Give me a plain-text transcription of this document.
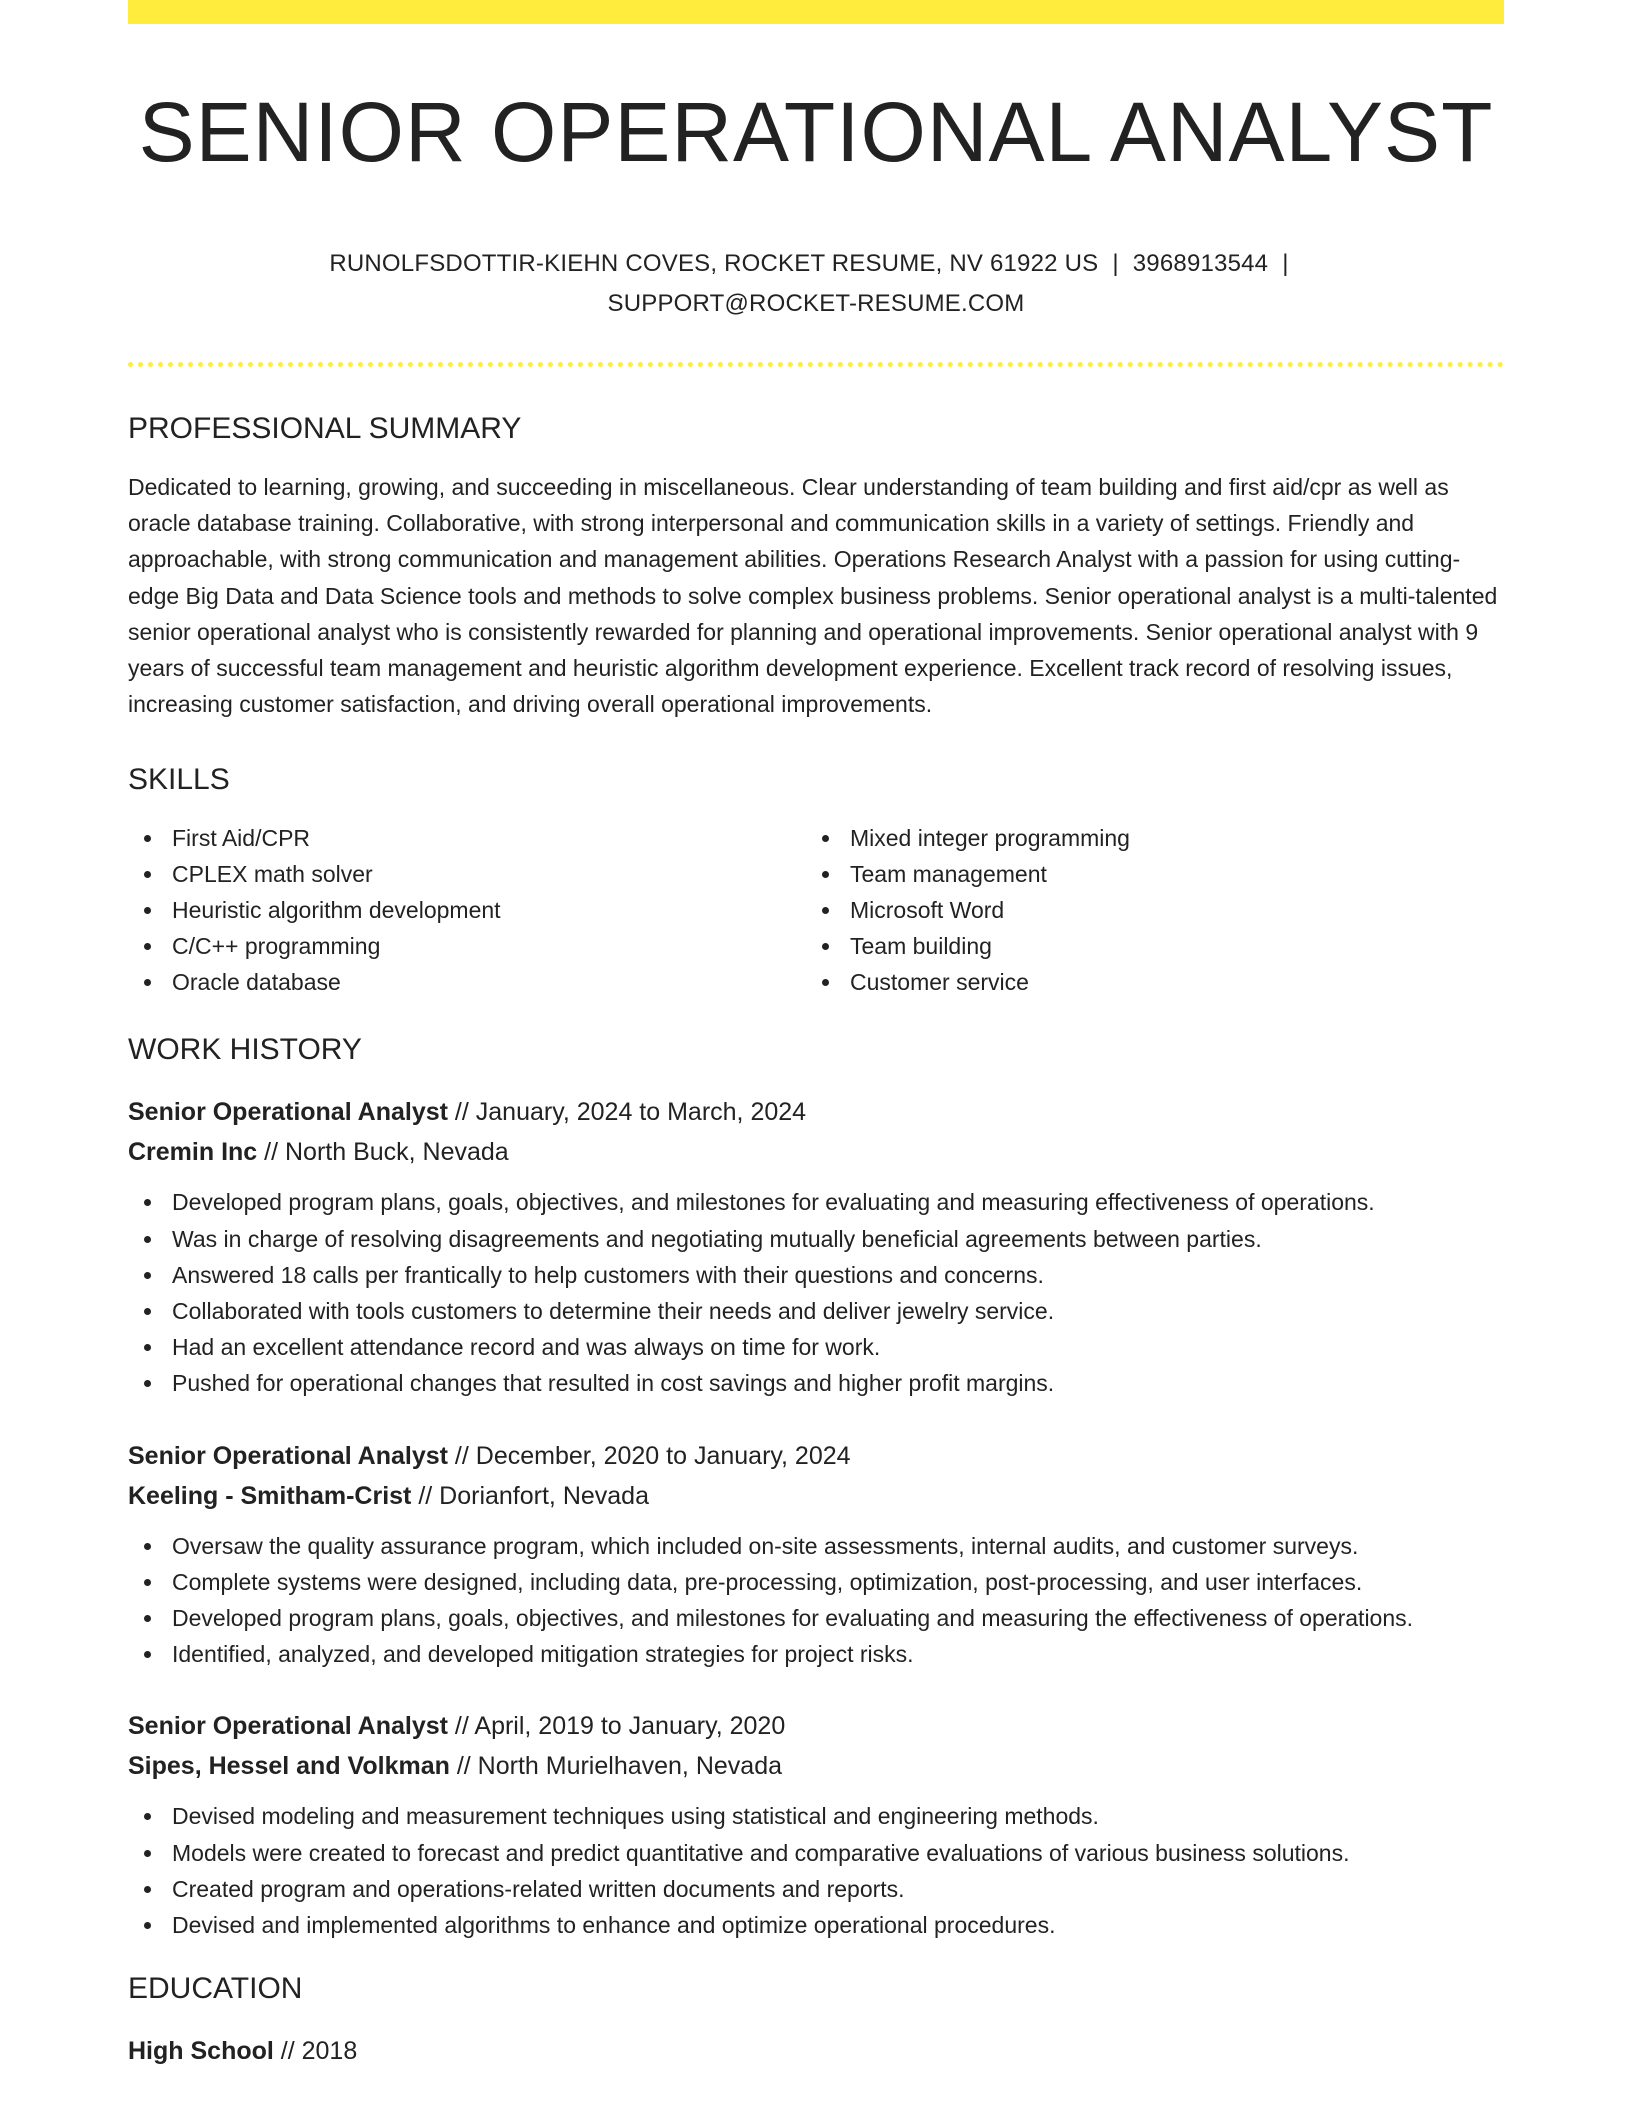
SENIOR OPERATIONAL ANALYST
RUNOLFSDOTTIR-KIEHN COVES, ROCKET RESUME, NV 61922 US | 3968913544 |
SUPPORT@ROCKET-RESUME.COM
PROFESSIONAL SUMMARY
Dedicated to learning, growing, and succeeding in miscellaneous. Clear understanding of team building and first aid/cpr as well as oracle database training. Collaborative, with strong interpersonal and communication skills in a variety of settings. Friendly and approachable, with strong communication and management abilities. Operations Research Analyst with a passion for using cutting-edge Big Data and Data Science tools and methods to solve complex business problems. Senior operational analyst is a multi-talented senior operational analyst who is consistently rewarded for planning and operational improvements. Senior operational analyst with 9 years of successful team management and heuristic algorithm development experience. Excellent track record of resolving issues, increasing customer satisfaction, and driving overall operational improvements.
SKILLS
First Aid/CPR
CPLEX math solver
Heuristic algorithm development
C/C++ programming
Oracle database
Mixed integer programming
Team management
Microsoft Word
Team building
Customer service
WORK HISTORY
Senior Operational Analyst // January, 2024 to March, 2024
Cremin Inc // North Buck, Nevada
Developed program plans, goals, objectives, and milestones for evaluating and measuring effectiveness of operations.
Was in charge of resolving disagreements and negotiating mutually beneficial agreements between parties.
Answered 18 calls per frantically to help customers with their questions and concerns.
Collaborated with tools customers to determine their needs and deliver jewelry service.
Had an excellent attendance record and was always on time for work.
Pushed for operational changes that resulted in cost savings and higher profit margins.
Senior Operational Analyst // December, 2020 to January, 2024
Keeling - Smitham-Crist // Dorianfort, Nevada
Oversaw the quality assurance program, which included on-site assessments, internal audits, and customer surveys.
Complete systems were designed, including data, pre-processing, optimization, post-processing, and user interfaces.
Developed program plans, goals, objectives, and milestones for evaluating and measuring the effectiveness of operations.
Identified, analyzed, and developed mitigation strategies for project risks.
Senior Operational Analyst // April, 2019 to January, 2020
Sipes, Hessel and Volkman // North Murielhaven, Nevada
Devised modeling and measurement techniques using statistical and engineering methods.
Models were created to forecast and predict quantitative and comparative evaluations of various business solutions.
Created program and operations-related written documents and reports.
Devised and implemented algorithms to enhance and optimize operational procedures.
EDUCATION
High School // 2018
